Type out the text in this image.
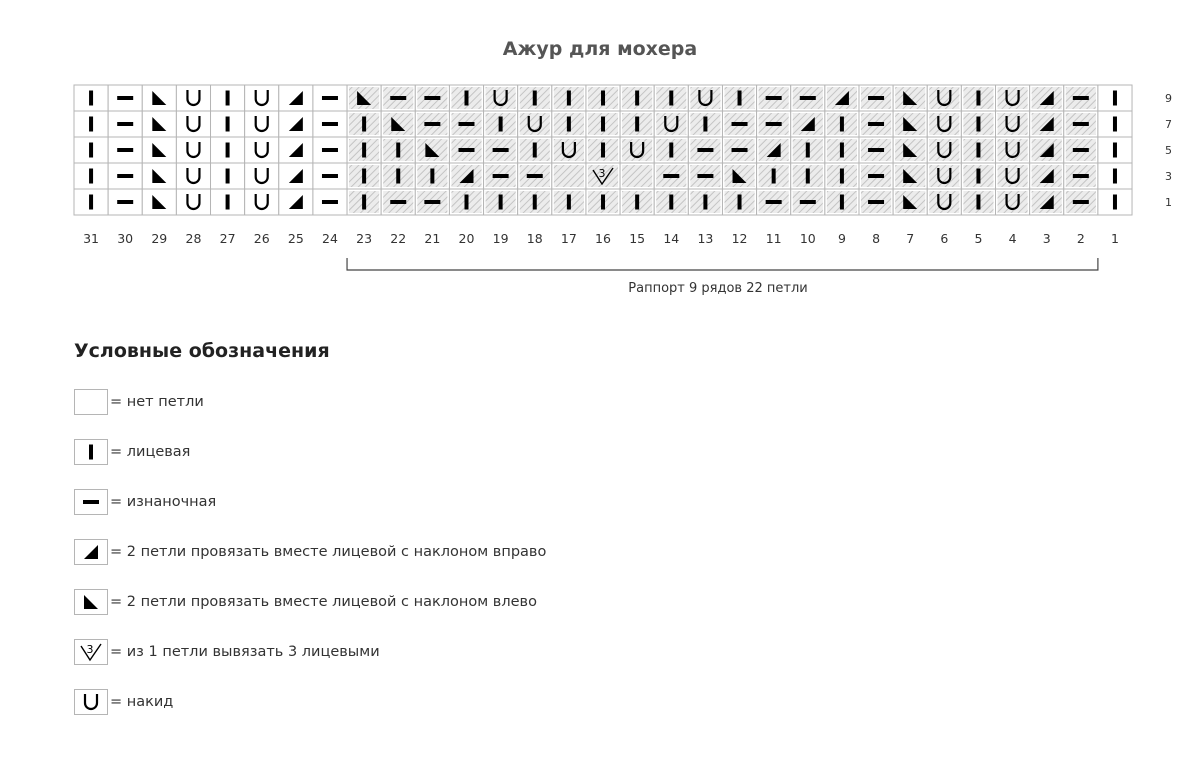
Ажур для мохера
3
9
7
5
3
1
31 30 29 28 27 26 25 24 23 22 21 20 19 18 17 16 15 14 13 12 11 10 9 8 7 6 5 4 3 2 1
Раппорт 9 рядов 22 петли
Условные обозначения
= нет петли
= лицевая
= изнаночная
= 2 петли провязать вместе лицевой с наклоном вправо
= 2 петли провязать вместе лицевой с наклоном влево
3 = из 1 петли вывязать 3 лицевыми
= накид
